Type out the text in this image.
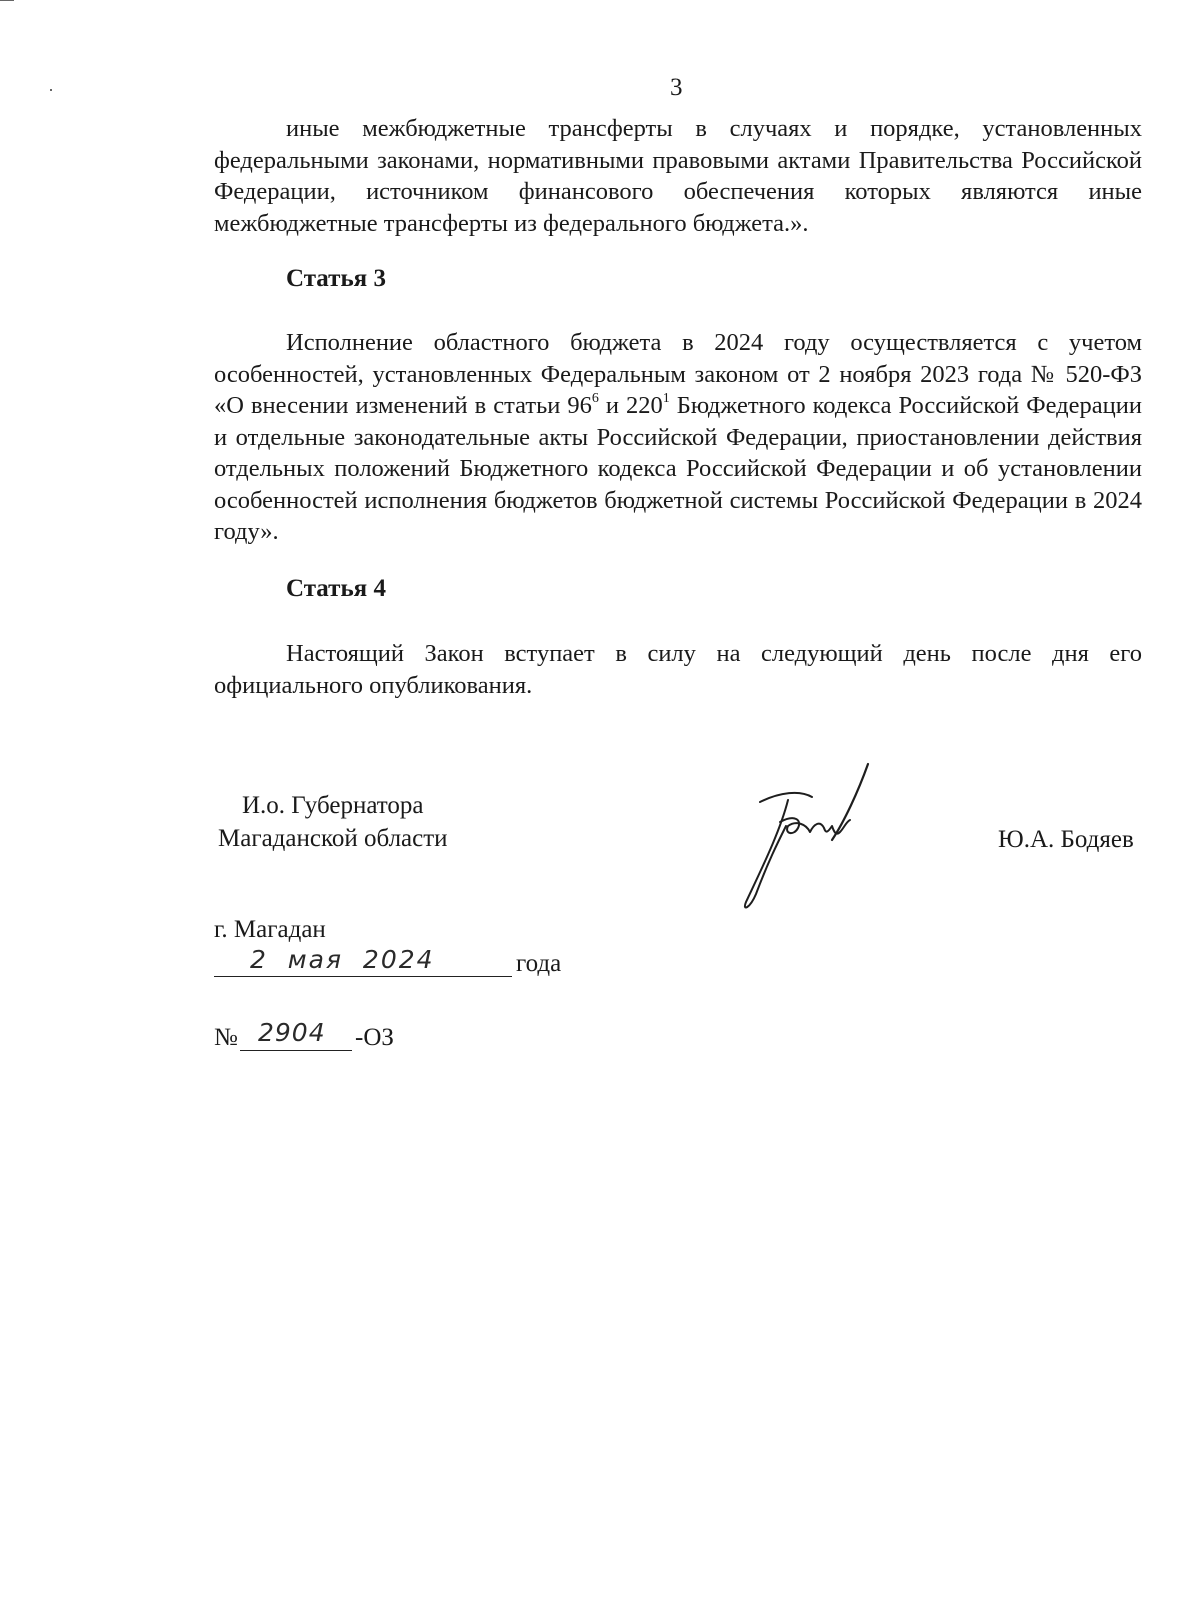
3

иные межбюджетные трансферты в случаях и порядке, установленных федеральными законами, нормативными правовыми актами Правительства Российской Федерации, источником финансового обеспечения которых являются иные межбюджетные трансферты из федерального бюджета.».

Статья 3

Исполнение областного бюджета в 2024 году осуществляется с учетом особенностей, установленных Федеральным законом от 2 ноября 2023 года № 520-ФЗ «О внесении изменений в статьи $96^6$ и $220^1$ Бюджетного кодекса Российской Федерации и отдельные законодательные акты Российской Федерации, приостановлении действия отдельных положений Бюджетного кодекса Российской Федерации и об установлении особенностей исполнения бюджетов бюджетной системы Российской Федерации в 2024 году».

Статья 4

Настоящий Закон вступает в силу на следующий день после дня его официального опубликования.

И.о. Губернатора
Магаданской области	Ю.А. Бодяев
г. Магадан
2  мая  2024	года
№ 2904 -ОЗ
